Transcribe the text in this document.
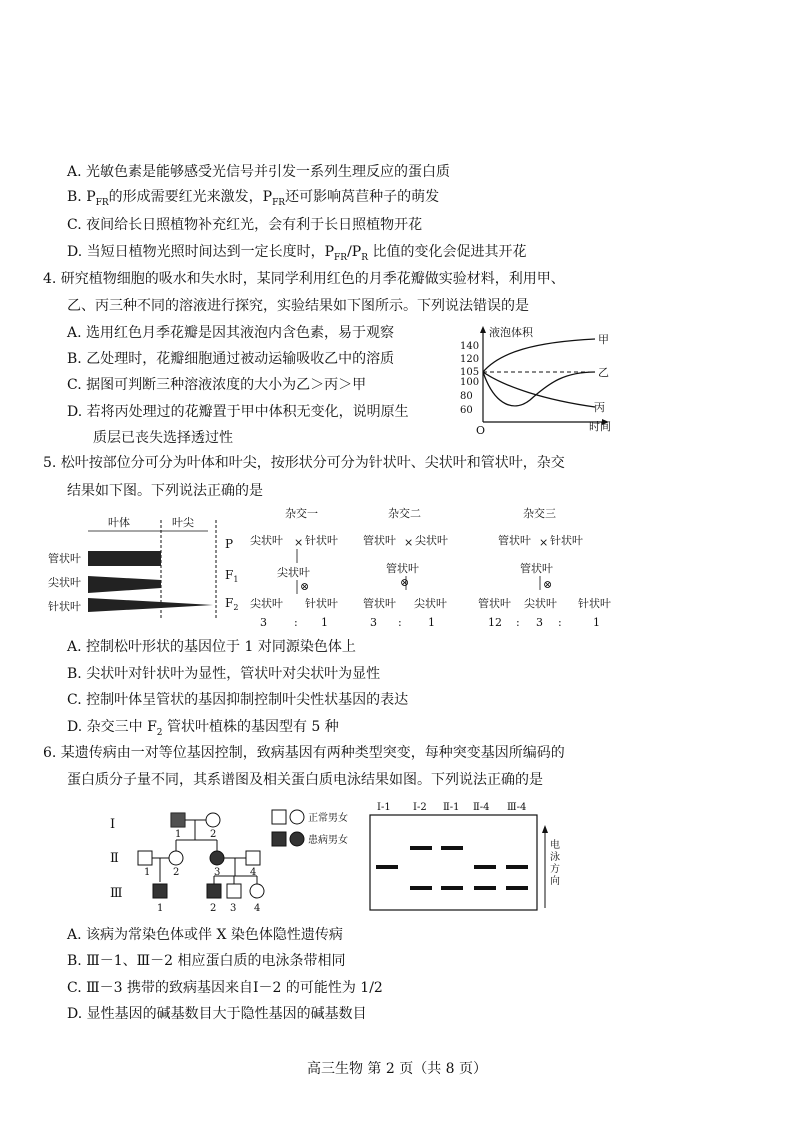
A. 光敏色素是能够感受光信号并引发一系列生理反应的蛋白质
B. $P_{FR}$的形成需要红光来激发，$P_{FR}$还可影响莴苣种子的萌发
C. 夜间给长日照植物补充红光，会有利于长日照植物开花
D. 当短日植物光照时间达到一定长度时，$P_{FR}/P_R$ 比值的变化会促进其开花
4. 研究植物细胞的吸水和失水时，某同学利用红色的月季花瓣做实验材料，利用甲、
乙、丙三种不同的溶液进行探究，实验结果如下图所示。下列说法错误的是
A. 选用红色月季花瓣是因其液泡内含色素，易于观察
B. 乙处理时，花瓣细胞通过被动运输吸收乙中的溶质
C. 据图可判断三种溶液浓度的大小为乙＞丙＞甲
D. 若将丙处理过的花瓣置于甲中体积无变化，说明原生
质层已丧失选择透过性
液泡体积
时间
O
140
120
105
100
80
60
甲
乙
丙
5. 松叶按部位分可分为叶体和叶尖，按形状分可分为针状叶、尖状叶和管状叶，杂交
结果如下图。下列说法正确的是
叶体	叶尖
管状叶
尖状叶
针状叶
P
$F_1$
$F_2$
杂交一
尖状叶 × 针状叶
尖状叶
⊗
尖状叶 针状叶
3 : 1
杂交二
管状叶 × 尖状叶
管状叶
⊗
管状叶 尖状叶
3 : 1
杂交三
管状叶 × 针状叶
管状叶
⊗
管状叶 尖状叶 针状叶
12 : 3 :	1
A. 控制松叶形状的基因位于 1 对同源染色体上
B. 尖状叶对针状叶为显性，管状叶对尖状叶为显性
C. 控制叶体呈管状的基因抑制控制叶尖性状基因的表达
D. 杂交三中 $F_2$ 管状叶植株的基因型有 5 种
6. 某遗传病由一对等位基因控制，致病基因有两种类型突变，每种突变基因所编码的
蛋白质分子量不同，其系谱图及相关蛋白质电泳结果如图。下列说法正确的是
Ⅰ
Ⅱ
Ⅲ
1	2
1 2	3	4
1	2 3 4
正常男女
患病男女
Ⅰ-1 Ⅰ-2 Ⅱ-1 Ⅱ-4 Ⅲ-4
电
泳
方
向
A. 该病为常染色体或伴 X 染色体隐性遗传病
B. Ⅲ－1、Ⅲ－2 相应蛋白质的电泳条带相同
C. Ⅲ－3 携带的致病基因来自Ⅰ－2 的可能性为 1/2
D. 显性基因的碱基数目大于隐性基因的碱基数目
高三生物 第 2 页（共 8 页）
